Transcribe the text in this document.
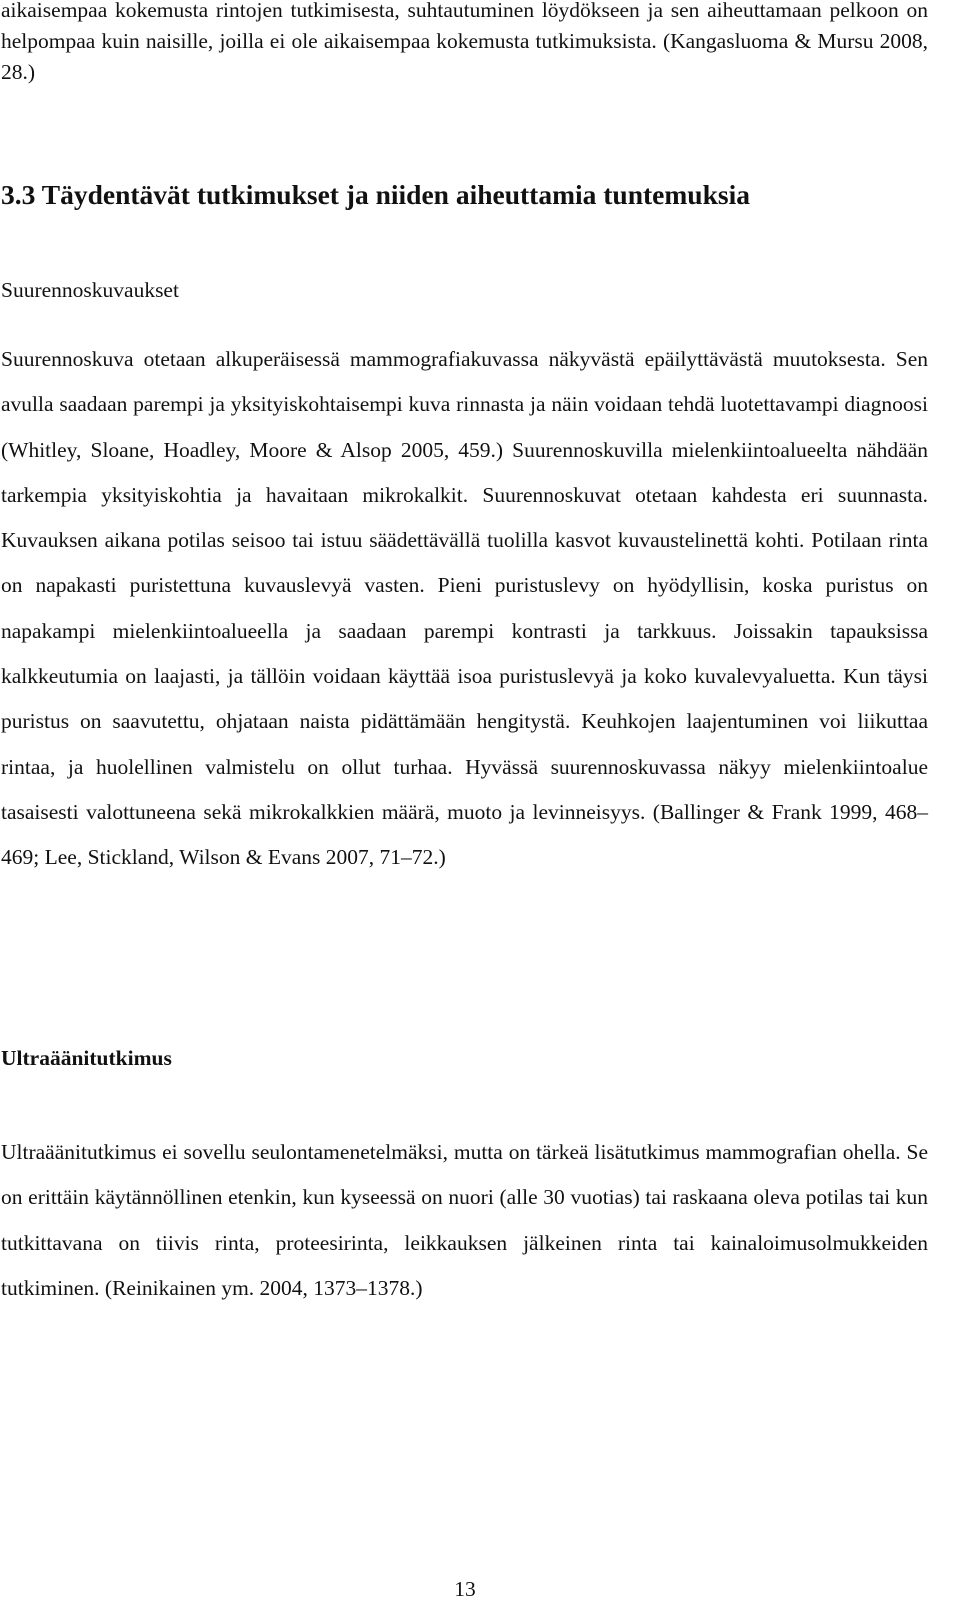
aikaisempaa kokemusta rintojen tutkimisesta, suhtautuminen löydökseen ja sen aiheuttamaan pelkoon on helpompaa kuin naisille, joilla ei ole aikaisempaa kokemusta tutkimuksista. (Kangasluoma & Mursu 2008, 28.)

3.3 Täydentävät tutkimukset ja niiden aiheuttamia tuntemuksia
Suurennoskuvaukset

Suurennoskuva otetaan alkuperäisessä mammografiakuvassa näkyvästä epäilyttävästä muutoksesta. Sen avulla saadaan parempi ja yksityiskohtaisempi kuva rinnasta ja näin voidaan tehdä luotettavampi diagnoosi (Whitley, Sloane, Hoadley, Moore & Alsop 2005, 459.) Suurennoskuvilla mielenkiintoalueelta nähdään tarkempia yksityiskohtia ja havaitaan mikrokalkit. Suurennoskuvat otetaan kahdesta eri suunnasta. Kuvauksen aikana potilas seisoo tai istuu säädettävällä tuolilla kasvot kuvaustelinettä kohti. Potilaan rinta on napakasti puristettuna kuvauslevyä vasten. Pieni puristuslevy on hyödyllisin, koska puristus on napakampi mielenkiintoalueella ja saadaan parempi kontrasti ja tarkkuus. Joissakin tapauksissa kalkkeutumia on laajasti, ja tällöin voidaan käyttää isoa puristuslevyä ja koko kuvalevyaluetta. Kun täysi puristus on saavutettu, ohjataan naista pidättämään hengitystä. Keuhkojen laajentuminen voi liikuttaa rintaa, ja huolellinen valmistelu on ollut turhaa. Hyvässä suurennoskuvassa näkyy mielenkiintoalue tasaisesti valottuneena sekä mikrokalkkien määrä, muoto ja levinneisyys. (Ballinger & Frank 1999, 468–469; Lee, Stickland, Wilson & Evans 2007, 71–72.)

Ultraäänitutkimus

Ultraäänitutkimus ei sovellu seulontamenetelmäksi, mutta on tärkeä lisätutkimus mammografian ohella. Se on erittäin käytännöllinen etenkin, kun kyseessä on nuori (alle 30 vuotias) tai raskaana oleva potilas tai kun tutkittavana on tiivis rinta, proteesirinta, leikkauksen jälkeinen rinta tai kainaloimusolmukkeiden tutkiminen. (Reinikainen ym. 2004, 1373–1378.)

13
